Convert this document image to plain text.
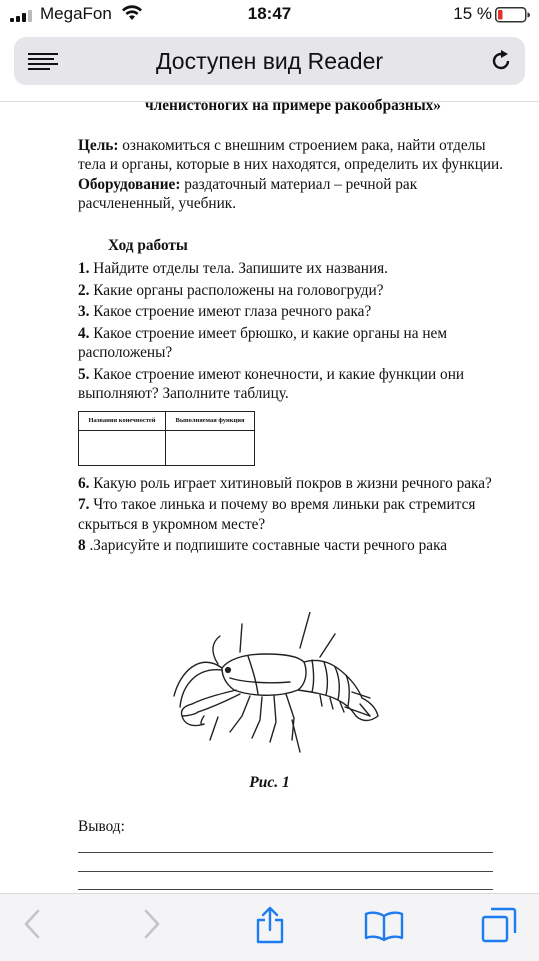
MegaFon	18:47	15 %
Доступен вид Reader
членистоногих на примере ракообразных»

Цель: ознакомиться с внешним строением рака, найти отделы тела и органы, которые в них находятся, определить их функции.

Оборудование: раздаточный материал – речной рак расчлененный, учебник.

Ход работы

1. Найдите отделы тела. Запишите их названия.

2. Какие органы расположены на головогруди?

3. Какое строение имеют глаза речного рака?

4. Какое строение имеет брюшко, и какие органы на нем расположены?

5. Какое строение имеют конечности, и какие функции они выполняют? Заполните таблицу.

Названия конечностей	Выполняемая функция

6. Какую роль играет хитиновый покров в жизни речного рака?

7. Что такое линька и почему во время линьки рак стремится скрыться в укромном месте?

8 .Зарисуйте и подпишите составные части речного рака

Рис. 1
Вывод:
